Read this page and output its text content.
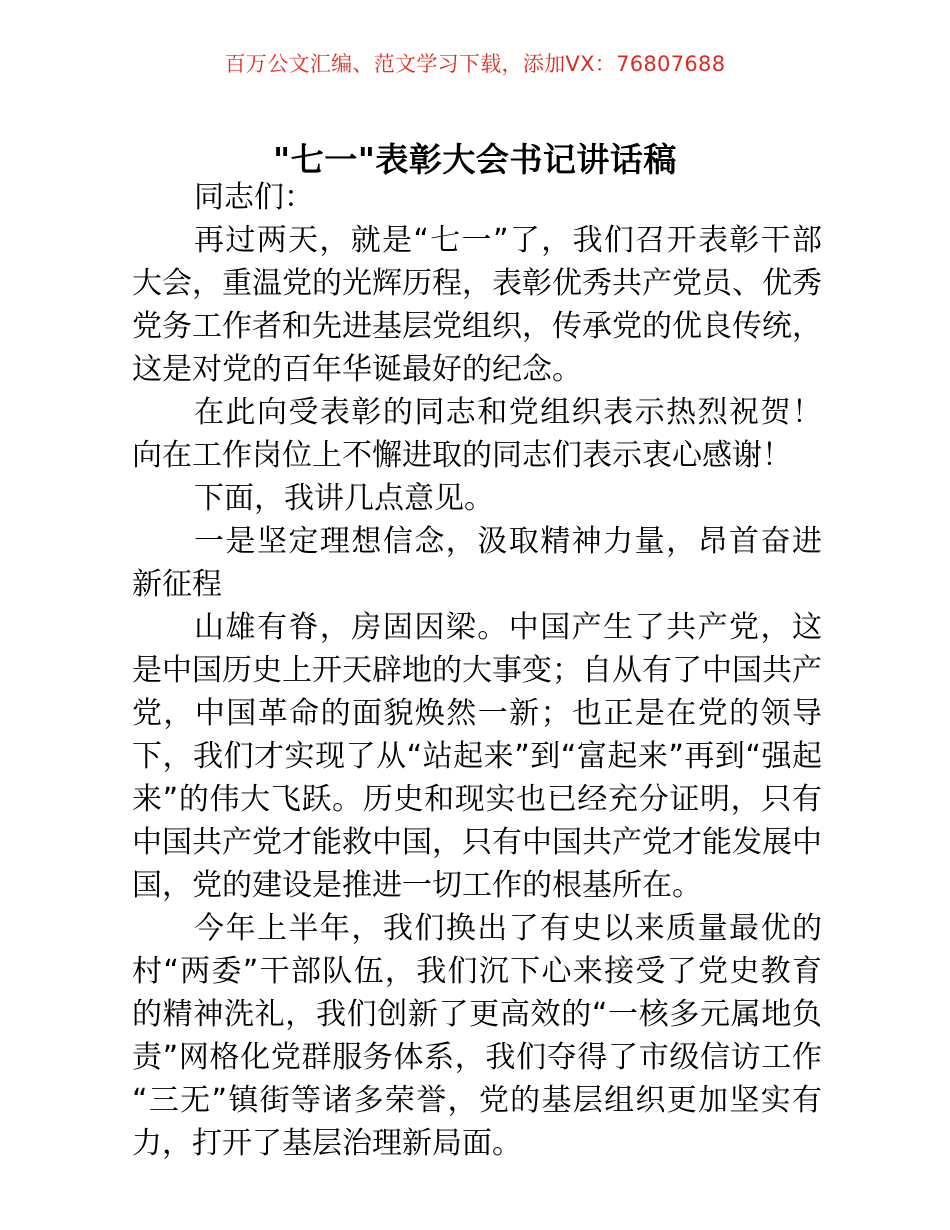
百万公文汇编、范文学习下载，添加VX：76807688
"七一"表彰大会书记讲话稿

同志们：

再过两天，就是“七一”了，我们召开表彰干部大会，重温党的光辉历程，表彰优秀共产党员、优秀党务工作者和先进基层党组织，传承党的优良传统，这是对党的百年华诞最好的纪念。

在此向受表彰的同志和党组织表示热烈祝贺！向在工作岗位上不懈进取的同志们表示衷心感谢！

下面，我讲几点意见。

一是坚定理想信念，汲取精神力量，昂首奋进新征程

山雄有脊，房固因梁。中国产生了共产党，这是中国历史上开天辟地的大事变；自从有了中国共产党，中国革命的面貌焕然一新；也正是在党的领导下，我们才实现了从“站起来”到“富起来”再到“强起来”的伟大飞跃。历史和现实也已经充分证明，只有中国共产党才能救中国，只有中国共产党才能发展中国，党的建设是推进一切工作的根基所在。

今年上半年，我们换出了有史以来质量最优的村“两委”干部队伍，我们沉下心来接受了党史教育的精神洗礼，我们创新了更高效的“一核多元属地负责”网格化党群服务体系，我们夺得了市级信访工作“三无”镇街等诸多荣誉，党的基层组织更加坚实有力，打开了基层治理新局面。
